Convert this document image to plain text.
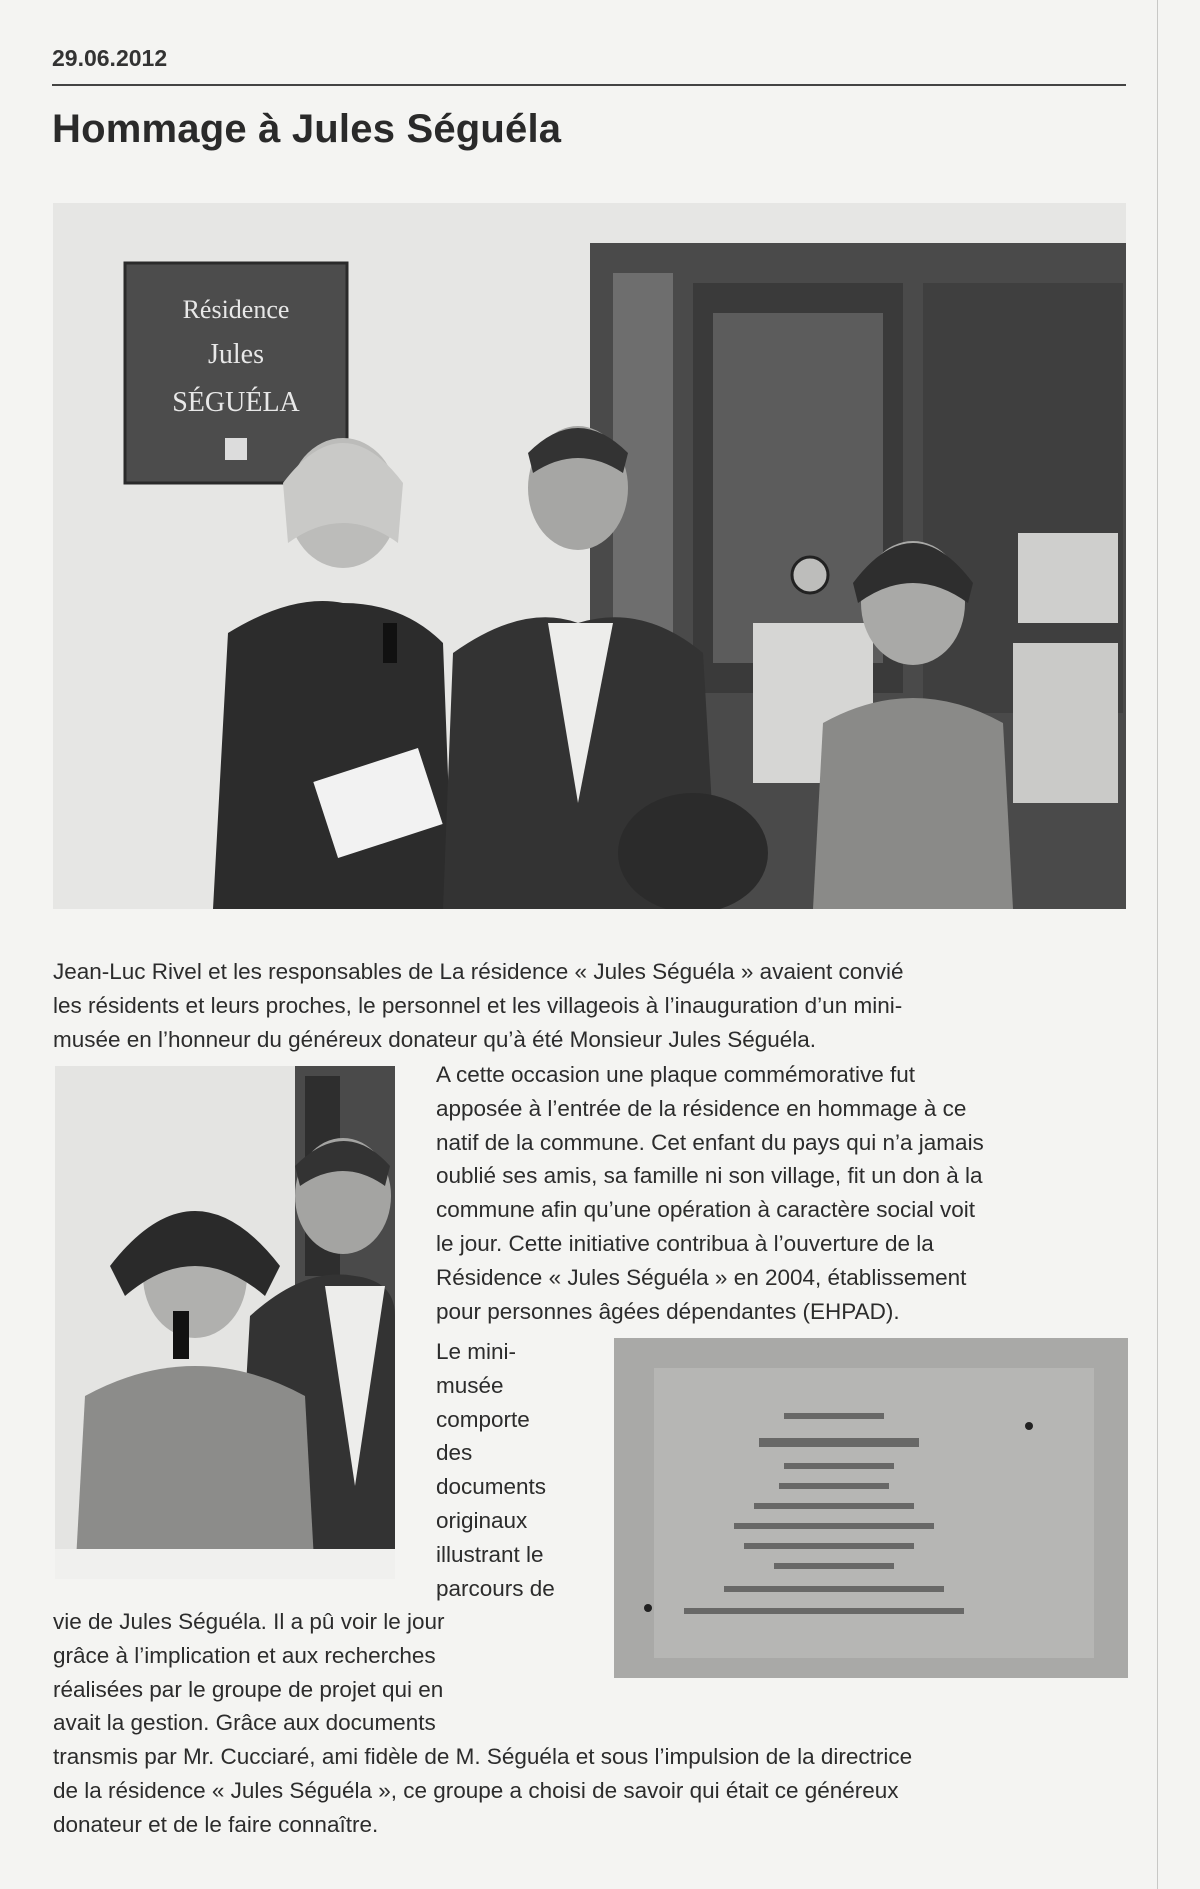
29.06.2012
Hommage à Jules Séguéla
Résidence
Jules
SÉGUÉLA
Jean-Luc Rivel et les responsables de La résidence « Jules Séguéla » avaient convié
les résidents et leurs proches, le personnel et les villageois à l’inauguration d’un mini-
musée en l’honneur du généreux donateur qu’à été Monsieur Jules Séguéla.
A cette occasion une plaque commémorative fut
apposée à l’entrée de la résidence en hommage à ce
natif de la commune. Cet enfant du pays qui n’a jamais
oublié ses amis, sa famille ni son village, fit un don à la
commune afin qu’une opération à caractère social voit
le jour. Cette initiative contribua à l’ouverture de la
Résidence « Jules Séguéla » en 2004, établissement
pour personnes âgées dépendantes (EHPAD).
Le mini-
musée
comporte
des
documents
originaux
illustrant le
parcours de
vie de Jules Séguéla. Il a pû voir le jour
grâce à l’implication et aux recherches
réalisées par le groupe de projet qui en
avait la gestion. Grâce aux documents
transmis par Mr. Cucciaré, ami fidèle de M. Séguéla et sous l’impulsion de la directrice
de la résidence « Jules Séguéla », ce groupe a choisi de savoir qui était ce généreux
donateur et de le faire connaître.
